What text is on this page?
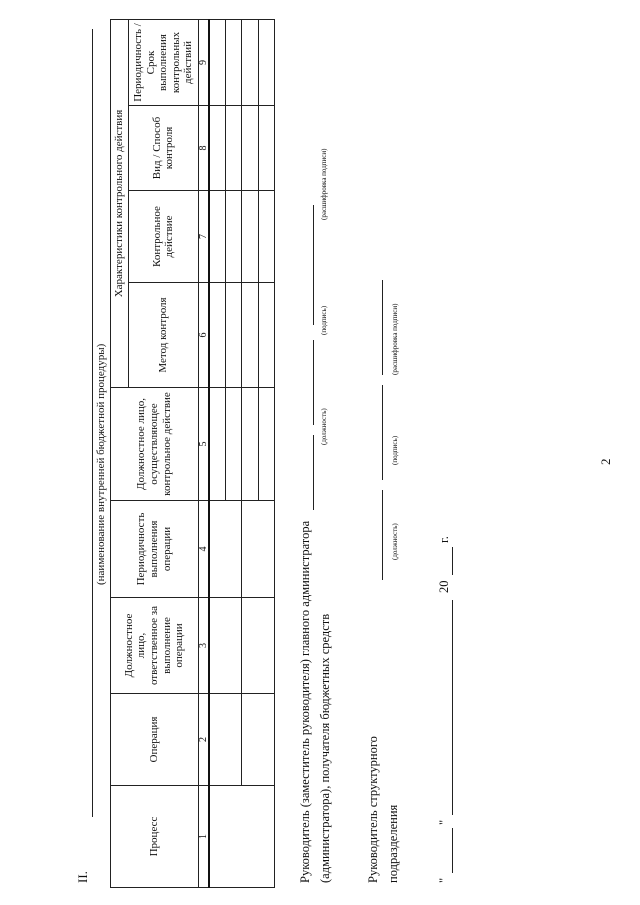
2
II.
(наименование внутренней бюджетной процедуры)
Процесс	Операция	Должностное лицо, ответственное за выполнение операции	Периодичность выполнения операции	Должностное лицо, осуществляющее контрольное действие	Характеристики контрольного действия			
					Метод контроля	Контрольное действие	Вид / Способ контроля	Периодичность / Срок выполнения контрольных действий
1	2	3	4	5	6	7	8	9

Руководитель (заместитель руководителя) главного администратора (администратора), получателя бюджетных средств
(должность)
(подпись)
(расшифровка подписи)
Руководитель структурного подразделения
(должность)
(подпись)
(расшифровка подписи)
"
"
20
г.
